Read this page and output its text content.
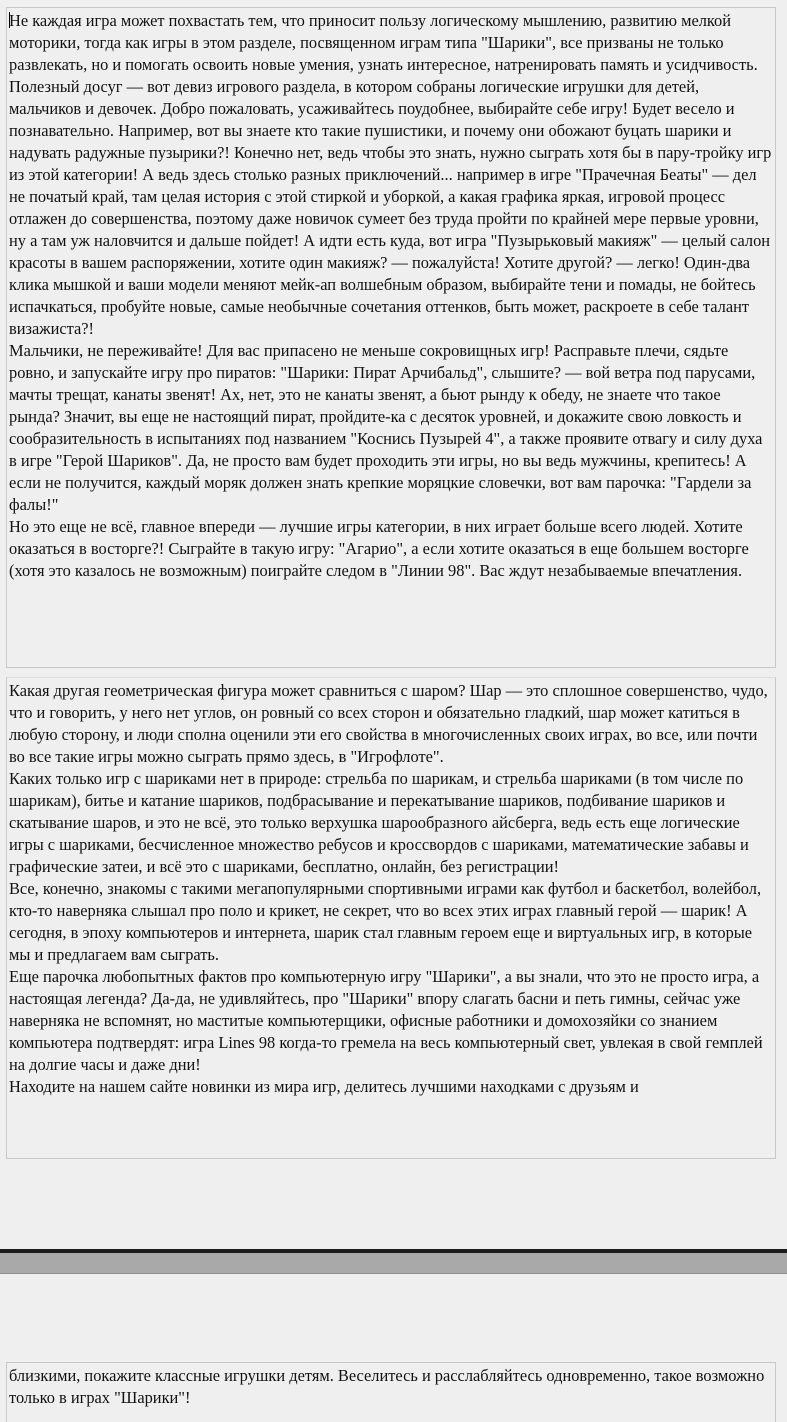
Не каждая игра может похвастать тем, что приносит пользу логическому мышлению, развитию мелкой моторики, тогда как игры в этом разделе, посвященном играм типа "Шарики", все призваны не только развлекать, но и помогать освоить новые умения, узнать интересное, натренировать память и усидчивость. Полезный досуг — вот девиз игрового раздела, в котором собраны логические игрушки для детей, мальчиков и девочек. Добро пожаловать, усаживайтесь поудобнее, выбирайте себе игру! Будет весело и познавательно. Например, вот вы знаете кто такие пушистики, и почему они обожают буцать шарики и надувать радужные пузырики?! Конечно нет, ведь чтобы это знать, нужно сыграть хотя бы в пару-тройку игр из этой категории! А ведь здесь столько разных приключений... например в игре "Прачечная Беаты" — дел не початый край, там целая история с этой стиркой и уборкой, а какая графика яркая, игровой процесс отлажен до совершенства, поэтому даже новичок сумеет без труда пройти по крайней мере первые уровни, ну а там уж наловчится и дальше пойдет! А идти есть куда, вот игра "Пузырьковый макияж" — целый салон красоты в вашем распоряжении, хотите один макияж? — пожалуйста! Хотите другой? — легко! Один-два клика мышкой и ваши модели меняют мейк-ап волшебным образом, выбирайте тени и помады, не бойтесь испачкаться, пробуйте новые, самые необычные сочетания оттенков, быть может, раскроете в себе талант визажиста?!

Мальчики, не переживайте! Для вас припасено не меньше сокровищных игр! Расправьте плечи, сядьте ровно, и запускайте игру про пиратов: "Шарики: Пират Арчибальд", слышите? — вой ветра под парусами, мачты трещат, канаты звенят! Ах, нет, это не канаты звенят, а бьют рынду к обеду, не знаете что такое рында? Значит, вы еще не настоящий пират, пройдите-ка с десяток уровней, и докажите свою ловкость и сообразительность в испытаниях под названием "Коснись Пузырей 4", а также проявите отвагу и силу духа в игре "Герой Шариков". Да, не просто вам будет проходить эти игры, но вы ведь мужчины, крепитесь! А если не получится, каждый моряк должен знать крепкие моряцкие словечки, вот вам парочка: "Гардели за фалы!"

Но это еще не всё, главное впереди — лучшие игры категории, в них играет больше всего людей. Хотите оказаться в восторге?! Сыграйте в такую игру: "Агарио", а если хотите оказаться в еще большем восторге (хотя это казалось не возможным) поиграйте следом в "Линии 98". Вас ждут незабываемые впечатления.

Какая другая геометрическая фигура может сравниться с шаром? Шар — это сплошное совершенство, чудо, что и говорить, у него нет углов, он ровный со всех сторон и обязательно гладкий, шар может катиться в любую сторону, и люди сполна оценили эти его свойства в многочисленных своих играх, во все, или почти во все такие игры можно сыграть прямо здесь, в "Игрофлоте".

Каких только игр с шариками нет в природе: стрельба по шарикам, и стрельба шариками (в том числе по шарикам), битье и катание шариков, подбрасывание и перекатывание шариков, подбивание шариков и скатывание шаров, и это не всё, это только верхушка шарообразного айсберга, ведь есть еще логические игры с шариками, бесчисленное множество ребусов и кроссвордов с шариками, математические забавы и графические затеи, и всё это с шариками, бесплатно, онлайн, без регистрации!

Все, конечно, знакомы с такими мегапопулярными спортивными играми как футбол и баскетбол, волейбол, кто-то наверняка слышал про поло и крикет, не секрет, что во всех этих играх главный герой — шарик! А сегодня, в эпоху компьютеров и интернета, шарик стал главным героем еще и виртуальных игр, в которые мы и предлагаем вам сыграть.

Еще парочка любопытных фактов про компьютерную игру "Шарики", а вы знали, что это не просто игра, а настоящая легенда? Да-да, не удивляйтесь, про "Шарики" впору слагать басни и петь гимны, сейчас уже наверняка не вспомнят, но маститые компьютерщики, офисные работники и домохозяйки со знанием компьютера подтвердят: игра Lines 98 когда-то гремела на весь компьютерный свет, увлекая в свой гемплей на долгие часы и даже дни!

Находите на нашем сайте новинки из мира игр, делитесь лучшими находками с друзьям и

близкими, покажите классные игрушки детям. Веселитесь и расслабляйтесь одновременно, такое возможно только в играх "Шарики"!
